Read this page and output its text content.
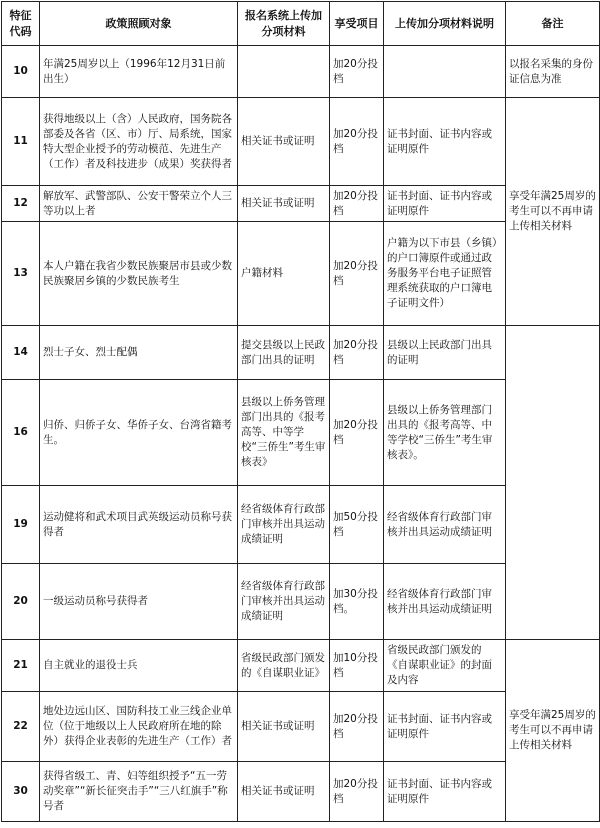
特征代码	政策照顾对象	报名系统上传加分项材料	享受项目	上传加分项材料说明	备注
10	年满25周岁以上（1996年12月31日前出生）		加20分投档		以报名采集的身份证信息为准
11	获得地级以上（含）人民政府，国务院各部委及各省（区、市）厅、局系统，国家特大型企业授予的劳动模范、先进生产（工作）者及科技进步（成果）奖获得者	相关证书或证明	加20分投档	证书封面、证书内容或证明原件	享受年满25周岁的考生可以不再申请上传相关材料
12	解放军、武警部队、公安干警荣立个人三等功以上者	相关证书或证明	加20分投档	证书封面、证书内容或证明原件	
13	本人户籍在我省少数民族聚居市县或少数民族聚居乡镇的少数民族考生	户籍材料	加20分投档	户籍为以下市县（乡镇）的户口簿原件或通过政务服务平台电子证照管理系统获取的户口簿电子证明文件）	
14	烈士子女、烈士配偶	提交县级以上民政部门出具的证明	加20分投档	县级以上民政部门出具的证明	
16	归侨、归侨子女、华侨子女、台湾省籍考生。	县级以上侨务管理部门出具的《报考高等、中等学校“三侨生”考生审核表》	加20分投档	县级以上侨务管理部门出具的《报考高等、中等学校“三侨生”考生审核表》。	
19	运动健将和武术项目武英级运动员称号获得者	经省级体育行政部门审核并出具运动成绩证明	加50分投档	经省级体育行政部门审核并出具运动成绩证明	
20	一级运动员称号获得者	经省级体育行政部门审核并出具运动成绩证明	加30分投档。	经省级体育行政部门审核并出具运动成绩证明	
21	自主就业的退役士兵	省级民政部门颁发的《自谋职业证》	加10分投档	省级民政部门颁发的《自谋职业证》的封面及内容	享受年满25周岁的考生可以不再申请上传相关材料
22	地处边远山区、国防科技工业三线企业单位（位于地级以上人民政府所在地的除外）获得企业表彰的先进生产（工作）者	相关证书或证明	加20分投档	证书封面、证书内容或证明原件	
30	获得省级工、青、妇等组织授予“五一劳动奖章”“新长征突击手”“三八红旗手”称号者	相关证书或证明	加20分投档	证书封面、证书内容或证明原件	
